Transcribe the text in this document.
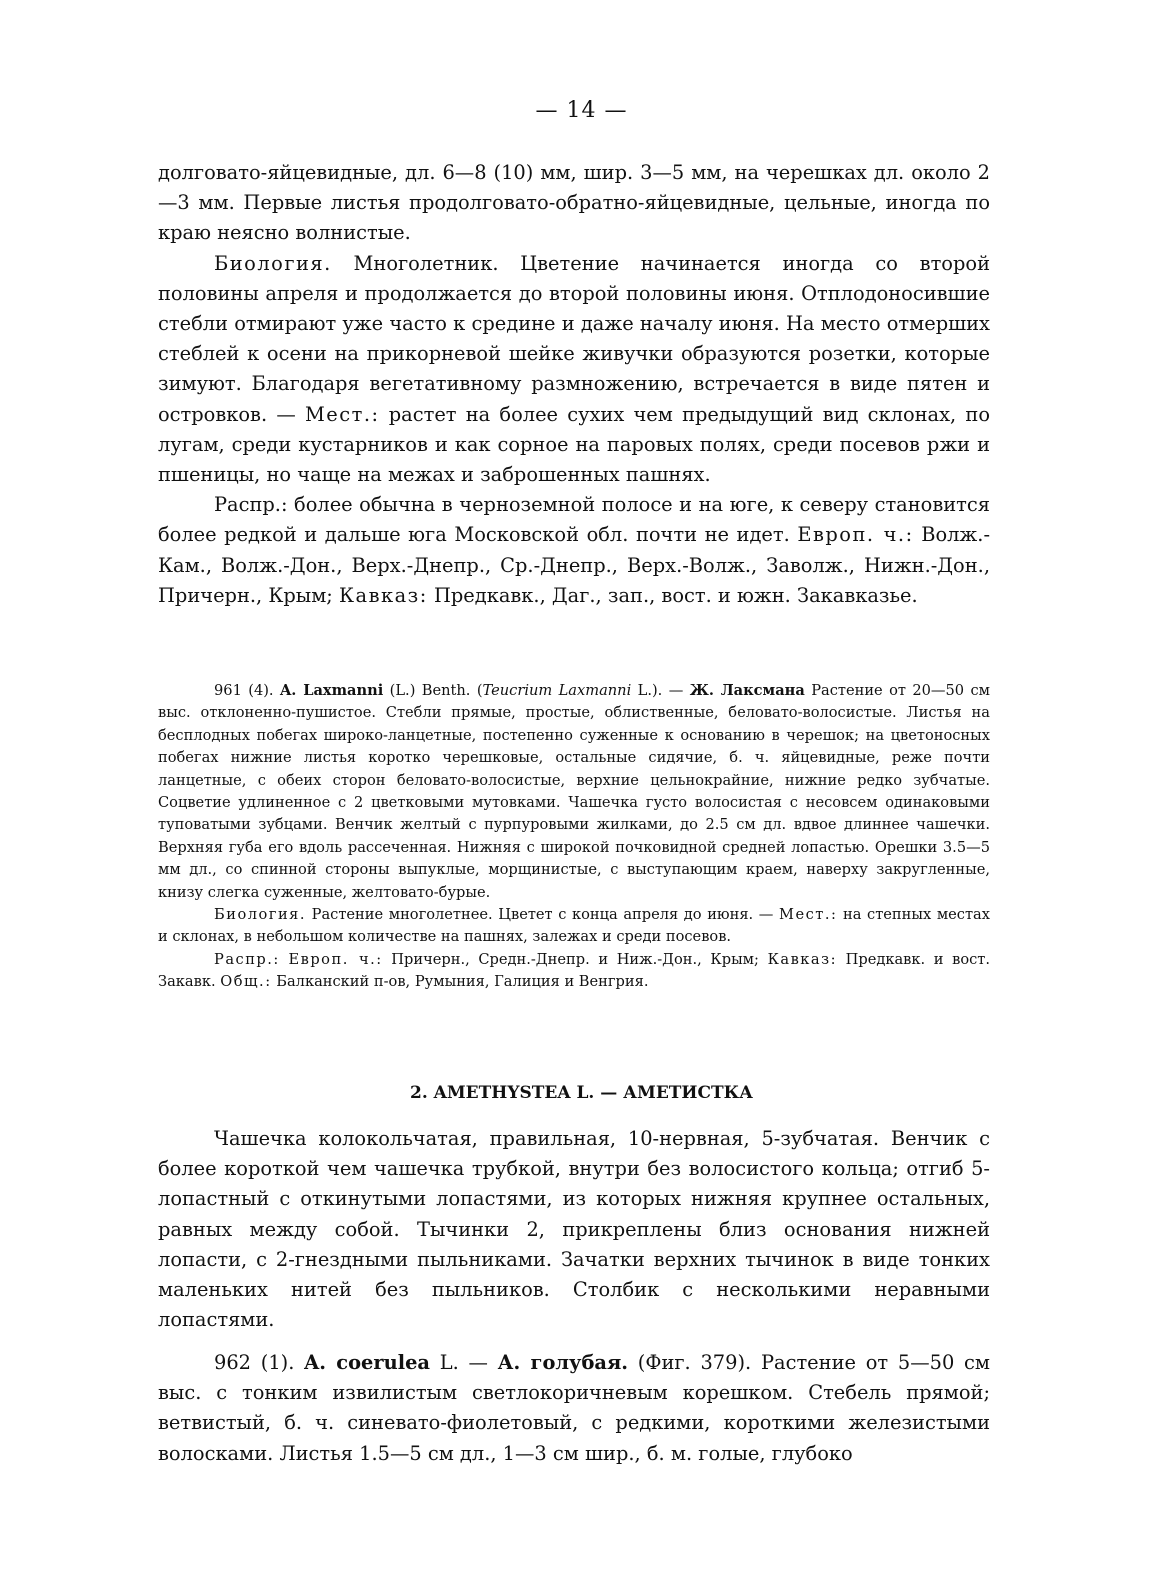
— 14 —

долговато-яйцевидные, дл. 6—8 (10) мм, шир. 3—5 мм, на черешках дл. около 2—3 мм. Первые листья продолговато-обратно-яйцевидные, цельные, иногда по краю неясно волнистые.

Биология. Многолетник. Цветение начинается иногда со второй половины апреля и продолжается до второй половины июня. Отплодоносившие стебли отмирают уже часто к средине и даже началу июня. На место отмерших стеблей к осени на прикорневой шейке живучки образуются розетки, которые зимуют. Благодаря вегетативному размножению, встречается в виде пятен и островков. — Мест.: растет на более сухих чем предыдущий вид склонах, по лугам, среди кустарников и как сорное на паровых полях, среди посевов ржи и пшеницы, но чаще на межах и заброшенных пашнях.

Распр.: более обычна в черноземной полосе и на юге, к северу становится более редкой и дальше юга Московской обл. почти не идет. Европ. ч.: Волж.-Кам., Волж.-Дон., Верх.-Днепр., Ср.-Днепр., Верх.-Волж., Заволж., Нижн.-Дон., Причерн., Крым; Кавказ: Предкавк., Даг., зап., вост. и южн. Закавказье.

961 (4). A. Laxmanni (L.) Benth. (Teucrium Laxmanni L.). — Ж. Лаксмана Растение от 20—50 см выс. отклоненно-пушистое. Стебли прямые, простые, облиственные, беловато-волосистые. Листья на бесплодных побегах широко-ланцетные, постепенно суженные к основанию в черешок; на цветоносных побегах нижние листья коротко черешковые, остальные сидячие, б. ч. яйцевидные, реже почти ланцетные, с обеих сторон беловато-волосистые, верхние цельнокрайние, нижние редко зубчатые. Соцветие удлиненное с 2 цветковыми мутовками. Чашечка густо волосистая с несовсем одинаковыми туповатыми зубцами. Венчик желтый с пурпуровыми жилками, до 2.5 см дл. вдвое длиннее чашечки. Верхняя губа его вдоль рассеченная. Нижняя с широкой почковидной средней лопастью. Орешки 3.5—5 мм дл., со спинной стороны выпуклые, морщинистые, с выступающим краем, наверху закругленные, книзу слегка суженные, желтовато-бурые.

Биология. Растение многолетнее. Цветет с конца апреля до июня. — Мест.: на степных местах и склонах, в небольшом количестве на пашнях, залежах и среди посевов.

Распр.: Европ. ч.: Причерн., Средн.-Днепр. и Ниж.-Дон., Крым; Кавказ: Предкавк. и вост. Закавк. Общ.: Балканский п-ов, Румыния, Галиция и Венгрия.

2. AMETHYSTEA L. — АМЕТИСТКА

Чашечка колокольчатая, правильная, 10-нервная, 5-зубчатая. Венчик с более короткой чем чашечка трубкой, внутри без волосистого кольца; отгиб 5-лопастный с откинутыми лопастями, из которых нижняя крупнее остальных, равных между собой. Тычинки 2, прикреплены близ основания нижней лопасти, с 2-гнездными пыльниками. Зачатки верхних тычинок в виде тонких маленьких нитей без пыльников. Столбик с несколькими неравными лопастями.

962 (1). A. coerulea L. — А. голубая. (Фиг. 379). Растение от 5—50 см выс. с тонким извилистым светлокоричневым корешком. Стебель прямой; ветвистый, б. ч. синевато-фиолетовый, с редкими, короткими железистыми волосками. Листья 1.5—5 см дл., 1—3 см шир., б. м. голые, глубоко
